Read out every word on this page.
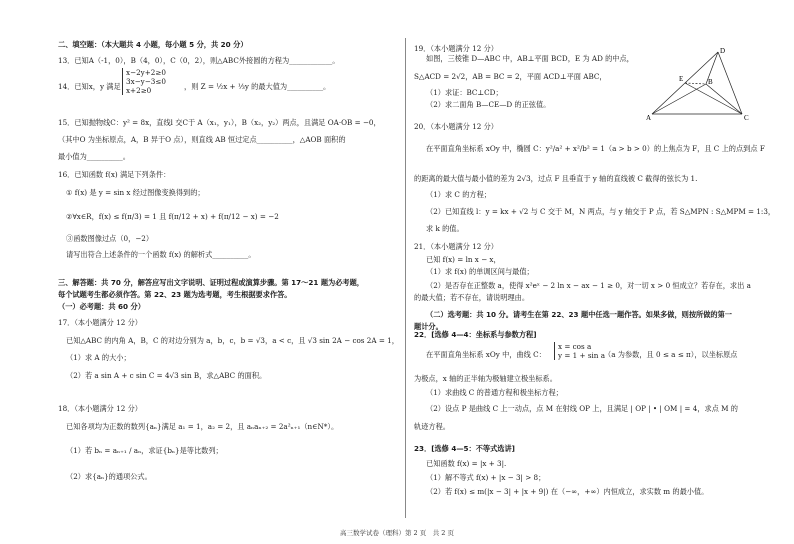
二、填空题：（本大题共 4 小题，每小题 5 分，共 20 分）
13．已知A（-1，0），B（4，0），C（0，2），则△ABC外接圆的方程为____________。
14．已知x，y 满足
x−2y+2≥0
3x−y−3≤0
x+2≥0	，则 Z = ½x + ⅓y 的最大值为__________。
15．已知抛物线C：y² = 8x，直线l 交C于 A（x₁，y₁），B（x₂，y₂）两点，且满足 OA·OB = −0，
（其中O 为坐标原点，A，B 异于O 点），则直线 AB 恒过定点__________，△AOB 面积的
最小值为__________。
16．已知函数 f(x) 满足下列条件：
① f(x) 是 y = sin x 经过图像变换得到的；
②∀x∈R，f(x) ≤ f(π/3) = 1 且 f(π/12 + x) + f(π/12 − x) = −2
③函数图像过点（0，−2）
请写出符合上述条件的一个函数 f(x) 的解析式__________。
三、解答题：共 70 分，解答应写出文字说明、证明过程或演算步骤。第 17～21 题为必考题，
每个试题考生都必须作答。第 22、23 题为选考题，考生根据要求作答。
（一）必考题：共 60 分）
17．（本小题满分 12 分）
已知△ABC 的内角 A，B，C 的对边分别为 a，b，c，b = √3，a < c，且 √3 sin 2A − cos 2A = 1，
（1）求 A 的大小；
（2）若 a sin A + c sin C = 4√3 sin B，求△ABC 的面积。
18．（本小题满分 12 分）
已知各项均为正数的数列{aₙ}满足 a₁ = 1，a₂ = 2，且 aₙaₙ₊₂ = 2a²ₙ₊₁（n∈N*）。
（1）若 bₙ = aₙ₊₁ / aₙ，求证{bₙ}是等比数列；
（2）求{aₙ}的通项公式。
19．（本小题满分 12 分）
如图，三棱锥 D—ABC 中，AB⊥平面 BCD，E 为 AD 的中点，
S△ACD = 2√2，AB = BC = 2，平面 ACD⊥平面 ABC，
（1）求证：BC⊥CD；
（2）求二面角 B—CE—D 的正弦值。
D
E	B
A	C
20．（本小题满分 12 分）
在平面直角坐标系 xOy 中，椭圆 C：y²/a² + x²/b² = 1（a > b > 0）的上焦点为 F，且 C 上的点到点 F
的距离的最大值与最小值的差为 2√3，过点 F 且垂直于 y 轴的直线被 C 截得的弦长为 1.
（1）求 C 的方程；
（2）已知直线 l：y = kx + √2 与 C 交于 M，N 两点，与 y 轴交于 P 点，若 S△MPN : S△MPM = 1:3，
求 k 的值。
21．（本小题满分 12 分）
已知 f(x) = ln x − x，
（1）求 f(x) 的单调区间与最值；
（2）是否存在正整数 a，使得 x²eˣ − 2 ln x − ax − 1 ≥ 0，对一切 x > 0 恒成立？若存在，求出 a
的最大值；若不存在，请说明理由。
（二）选考题：共 10 分。请考生在第 22、23 题中任选一题作答。如果多做，则按所做的第一
题计分。
22．[选修 4—4：坐标系与参数方程]
在平面直角坐标系 xOy 中，曲线 C：
x = cos a
y = 1 + sin a
（a 为参数，且 0 ≤ a ≤ π），以坐标原点
为极点，x 轴的正半轴为极轴建立极坐标系。
（1）求曲线 C 的普通方程和极坐标方程；
（2）设点 P 是曲线 C 上一动点，点 M 在射线 OP 上，且满足 | OP | • | OM | = 4，求点 M 的
轨迹方程。
23．[选修 4—5：不等式选讲]
已知函数 f(x) = |x + 3|.
（1）解不等式 f(x) + |x − 3| > 8；
（2）若 f(x) ≤ m(|x − 3| + |x + 9|) 在（−∞，+∞）内恒成立，求实数 m 的最小值。
高三数学试卷（理科）第 2 页　共 2 页
